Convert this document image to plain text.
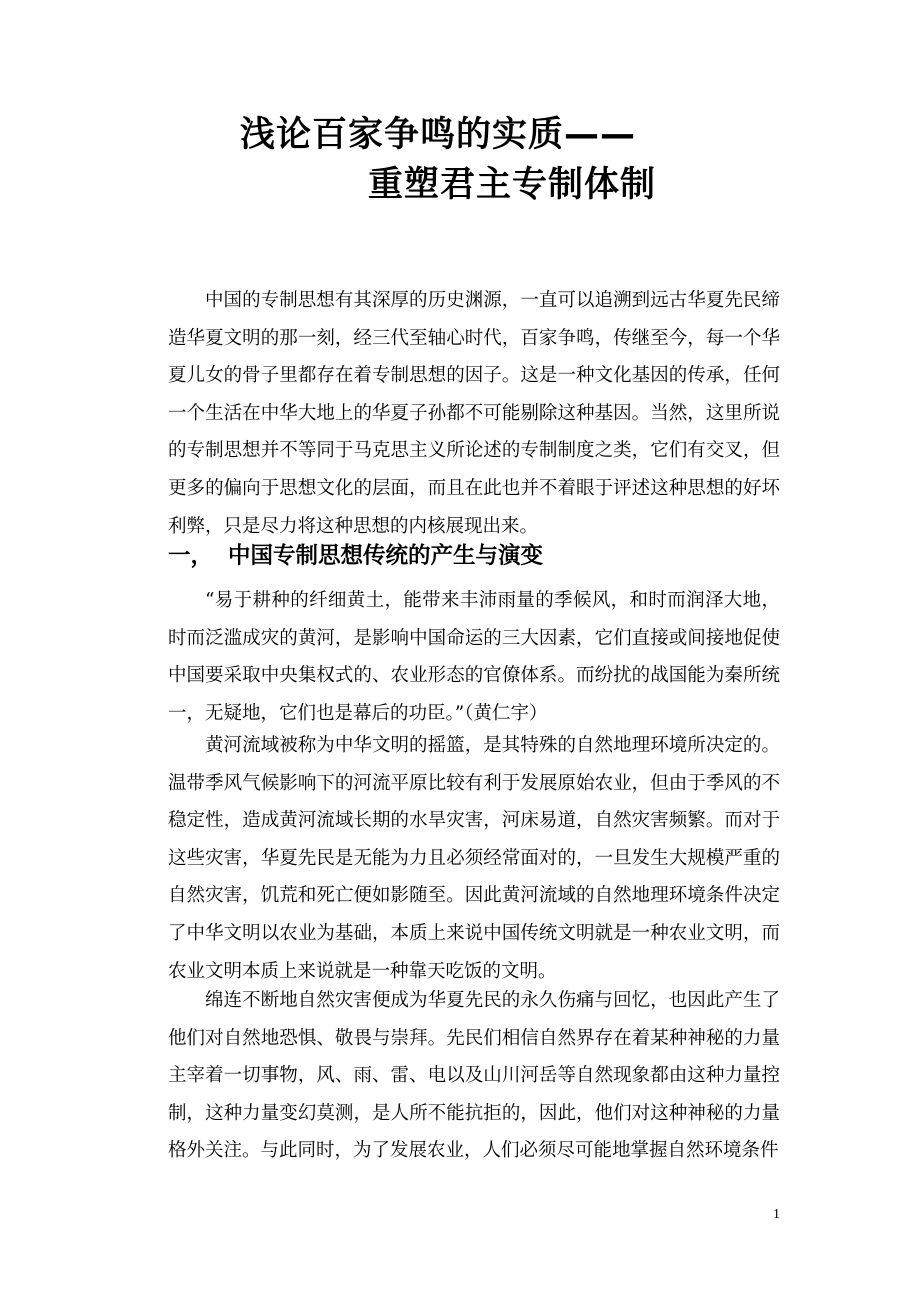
浅论百家争鸣的实质——
重塑君主专制体制

中国的专制思想有其深厚的历史渊源，一直可以追溯到远古华夏先民缔造华夏文明的那一刻，经三代至轴心时代，百家争鸣，传继至今，每一个华夏儿女的骨子里都存在着专制思想的因子。这是一种文化基因的传承，任何一个生活在中华大地上的华夏子孙都不可能剔除这种基因。当然，这里所说的专制思想并不等同于马克思主义所论述的专制制度之类，它们有交叉，但更多的偏向于思想文化的层面，而且在此也并不着眼于评述这种思想的好坏利弊，只是尽力将这种思想的内核展现出来。

一， 中国专制思想传统的产生与演变

“易于耕种的纤细黄土，能带来丰沛雨量的季候风，和时而润泽大地，时而泛滥成灾的黄河，是影响中国命运的三大因素，它们直接或间接地促使中国要采取中央集权式的、农业形态的官僚体系。而纷扰的战国能为秦所统一，无疑地，它们也是幕后的功臣。”（黄仁宇）

黄河流域被称为中华文明的摇篮，是其特殊的自然地理环境所决定的。温带季风气候影响下的河流平原比较有利于发展原始农业，但由于季风的不稳定性，造成黄河流域长期的水旱灾害，河床易道，自然灾害频繁。而对于这些灾害，华夏先民是无能为力且必须经常面对的，一旦发生大规模严重的自然灾害，饥荒和死亡便如影随至。因此黄河流域的自然地理环境条件决定了中华文明以农业为基础，本质上来说中国传统文明就是一种农业文明，而农业文明本质上来说就是一种靠天吃饭的文明。

绵连不断地自然灾害便成为华夏先民的永久伤痛与回忆，也因此产生了他们对自然地恐惧、敬畏与崇拜。先民们相信自然界存在着某种神秘的力量主宰着一切事物，风、雨、雷、电以及山川河岳等自然现象都由这种力量控制，这种力量变幻莫测，是人所不能抗拒的，因此，他们对这种神秘的力量格外关注。与此同时，为了发展农业，人们必须尽可能地掌握自然环境条件

1
